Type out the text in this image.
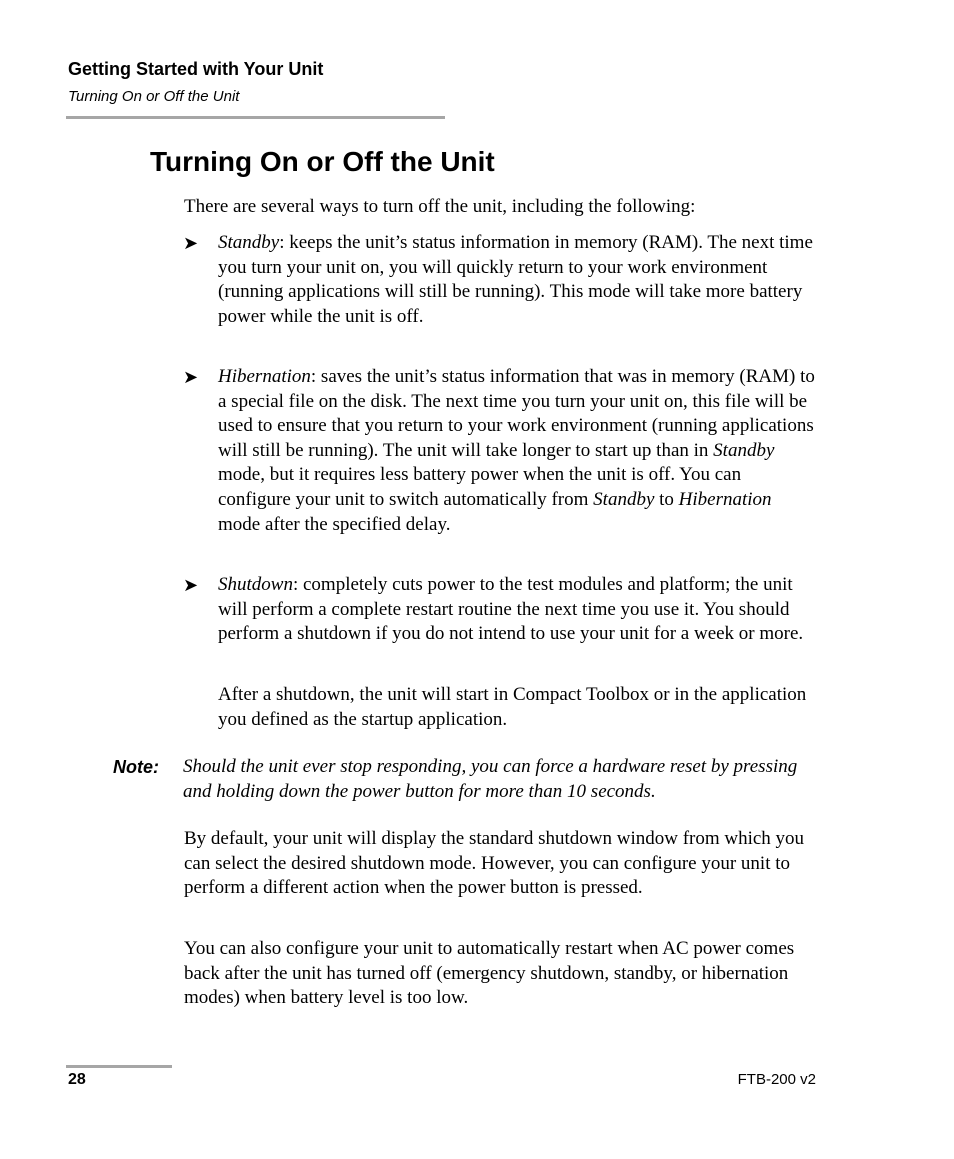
Getting Started with Your Unit
Turning On or Off the Unit
Turning On or Off the Unit
There are several ways to turn off the unit, including the following:
➤ Standby: keeps the unit’s status information in memory (RAM). The next time you turn your unit on, you will quickly return to your work environment (running applications will still be running). This mode will take more battery power while the unit is off.
➤ Hibernation: saves the unit’s status information that was in memory (RAM) to a special file on the disk. The next time you turn your unit on, this file will be used to ensure that you return to your work environment (running applications will still be running). The unit will take longer to start up than in Standby mode, but it requires less battery power when the unit is off. You can configure your unit to switch automatically from Standby to Hibernation mode after the specified delay.
➤ Shutdown: completely cuts power to the test modules and platform; the unit will perform a complete restart routine the next time you use it. You should perform a shutdown if you do not intend to use your unit for a week or more.
After a shutdown, the unit will start in Compact Toolbox or in the application you defined as the startup application.
Note: Should the unit ever stop responding, you can force a hardware reset by pressing and holding down the power button for more than 10 seconds.
By default, your unit will display the standard shutdown window from which you can select the desired shutdown mode. However, you can configure your unit to perform a different action when the power button is pressed.
You can also configure your unit to automatically restart when AC power comes back after the unit has turned off (emergency shutdown, standby, or hibernation modes) when battery level is too low.
28	FTB-200 v2
